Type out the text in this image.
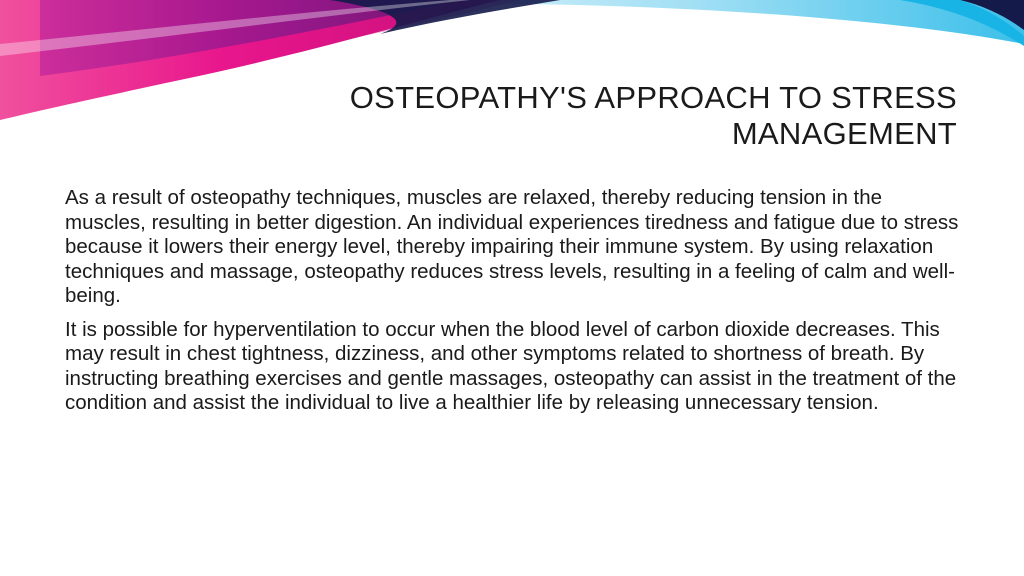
OSTEOPATHY'S APPROACH TO STRESS MANAGEMENT

As a result of osteopathy techniques, muscles are relaxed, thereby reducing tension in the muscles, resulting in better digestion. An individual experiences tiredness and fatigue due to stress because it lowers their energy level, thereby impairing their immune system. By using relaxation techniques and massage, osteopathy reduces stress levels, resulting in a feeling of calm and well-being.

It is possible for hyperventilation to occur when the blood level of carbon dioxide decreases. This may result in chest tightness, dizziness, and other symptoms related to shortness of breath. By instructing breathing exercises and gentle massages, osteopathy can assist in the treatment of the condition and assist the individual to live a healthier life by releasing unnecessary tension.
